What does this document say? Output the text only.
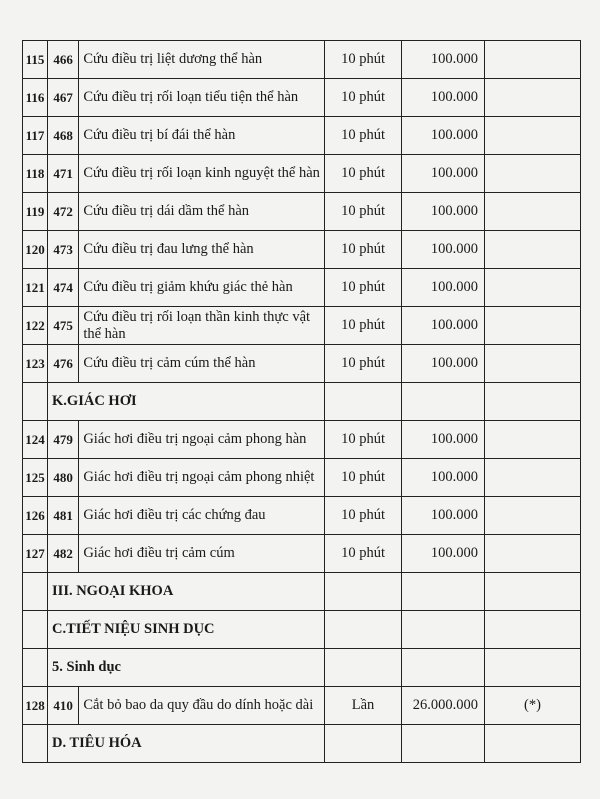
115	466	Cứu điều trị liệt dương thể hàn	10 phút	100.000	
116	467	Cứu điều trị rối loạn tiểu tiện thể hàn	10 phút	100.000	
117	468	Cứu điều trị bí đái thể hàn	10 phút	100.000	
118	471	Cứu điều trị rối loạn kinh nguyệt thể hàn	10 phút	100.000	
119	472	Cứu điều trị dái dầm thể hàn	10 phút	100.000	
120	473	Cứu điều trị đau lưng thể hàn	10 phút	100.000	
121	474	Cứu điều trị giảm khứu giác thẻ hàn	10 phút	100.000	
122	475	Cứu điều trị rối loạn thần kinh thực vật thể hàn	10 phút	100.000	
123	476	Cứu điều trị cảm cúm thể hàn	10 phút	100.000	
	K.GIÁC HƠI				
124	479	Giác hơi điều trị ngoại cảm phong hàn	10 phút	100.000	
125	480	Giác hơi điều trị ngoại cảm phong nhiệt	10 phút	100.000	
126	481	Giác hơi điều trị các chứng đau	10 phút	100.000	
127	482	Giác hơi điều trị cảm cúm	10 phút	100.000	
	III. NGOẠI KHOA				
	C.TIẾT NIỆU SINH DỤC				
	5. Sinh dục				
128	410	Cắt bỏ bao da quy đầu do dính hoặc dài	Lần	26.000.000	(*)
	D. TIÊU HÓA				
